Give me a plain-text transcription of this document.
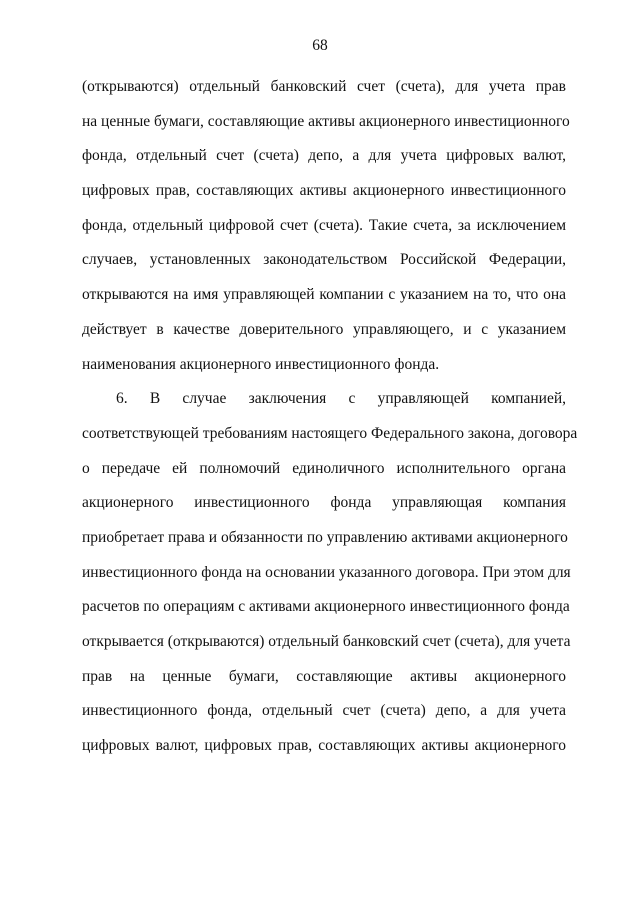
68
(открываются) отдельный банковский счет (счета), для учета прав
на ценные бумаги, составляющие активы акционерного инвестиционного
фонда, отдельный счет (счета) депо, а для учета цифровых валют,
цифровых прав, составляющих активы акционерного инвестиционного
фонда, отдельный цифровой счет (счета). Такие счета, за исключением
случаев, установленных законодательством Российской Федерации,
открываются на имя управляющей компании с указанием на то, что она
действует в качестве доверительного управляющего, и с указанием
наименования акционерного инвестиционного фонда.
6. В случае заключения с управляющей компанией,
соответствующей требованиям настоящего Федерального закона, договора
о передаче ей полномочий единоличного исполнительного органа
акционерного инвестиционного фонда управляющая компания
приобретает права и обязанности по управлению активами акционерного
инвестиционного фонда на основании указанного договора. При этом для
расчетов по операциям с активами акционерного инвестиционного фонда
открывается (открываются) отдельный банковский счет (счета), для учета
прав на ценные бумаги, составляющие активы акционерного
инвестиционного фонда, отдельный счет (счета) депо, а для учета
цифровых валют, цифровых прав, составляющих активы акционерного
